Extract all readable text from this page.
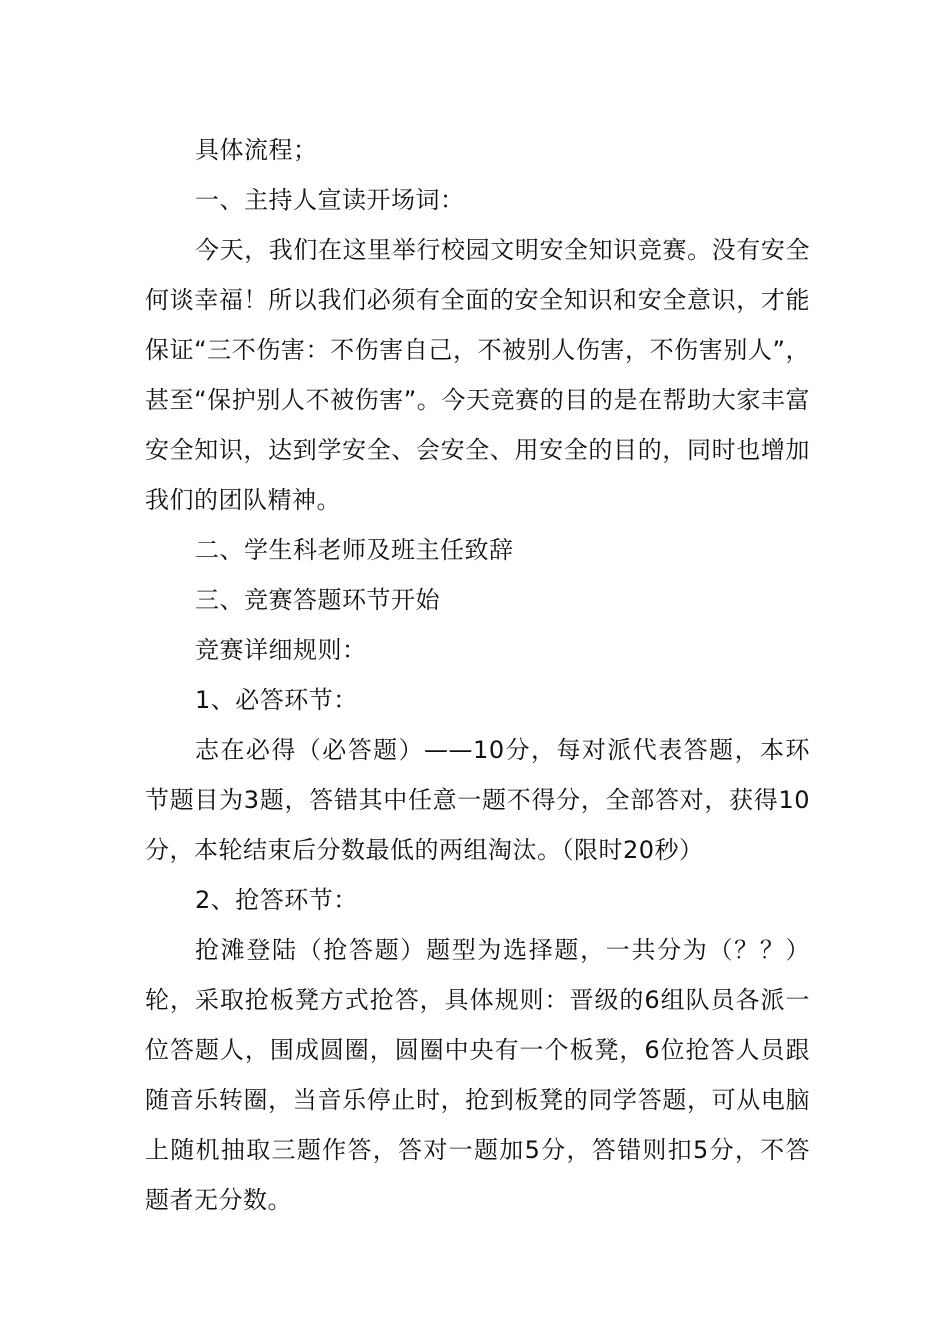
具体流程；

一、主持人宣读开场词：

今天，我们在这里举行校园文明安全知识竞赛。没有安全何谈幸福！所以我们必须有全面的安全知识和安全意识，才能保证“三不伤害：不伤害自己，不被别人伤害，不伤害别人”，甚至“保护别人不被伤害”。今天竞赛的目的是在帮助大家丰富安全知识，达到学安全、会安全、用安全的目的，同时也增加我们的团队精神。

二、学生科老师及班主任致辞

三、竞赛答题环节开始

竞赛详细规则：

1、必答环节：

志在必得（必答题）——10分，每对派代表答题，本环节题目为3题，答错其中任意一题不得分，全部答对，获得10分，本轮结束后分数最低的两组淘汰。（限时20秒）

2、抢答环节：

抢滩登陆（抢答题）题型为选择题，一共分为（？？）轮，采取抢板凳方式抢答，具体规则：晋级的6组队员各派一位答题人，围成圆圈，圆圈中央有一个板凳，6位抢答人员跟随音乐转圈，当音乐停止时，抢到板凳的同学答题，可从电脑上随机抽取三题作答，答对一题加5分，答错则扣5分，不答题者无分数。
